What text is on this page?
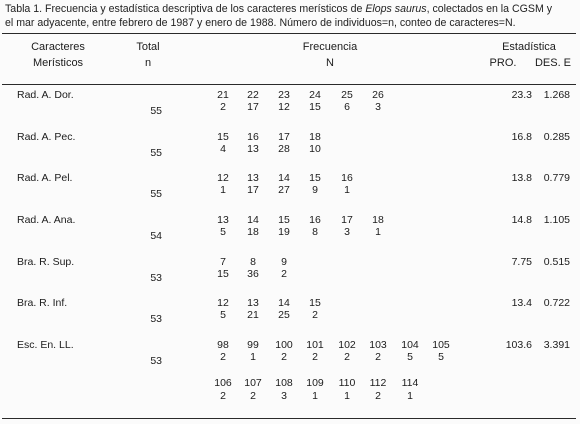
Tabla 1. Frecuencia y estadística descriptiva de los caracteres merísticos de Elops saurus, colectados en la CGSM y
el mar adyacente, entre febrero de 1987 y enero de 1988. Número de individuos=n, conteo de caracteres=N.
Caracteres
Merísticos
Total
n
Frecuencia
N
Estadística
PRO.	DES. E
Rad. A. Dor.
55
21	22	23	24	25	26
2	17	12	15	6	3
23.3	1.268
Rad. A. Pec.
55
15	16	17	18
4	13	28	10
16.8	0.285
Rad. A. Pel.
55
12	13	14	15	16
1	17	27	9	1
13.8	0.779
Rad. A. Ana.
54
13	14	15	16	17	18
5	18	19	8	3	1
14.8	1.105
Bra. R. Sup.
53
7	8	9
15	36	2
7.75	0.515
Bra. R. Inf.
53
12	13	14	15
5	21	25	2
13.4	0.722
Esc. En. LL.
53
98	99	100	101	102	103	104	105
2	1	2	2	2	2	5	5
103.6	3.391
106	107	108	109	110	112	114
2	2	3	1	1	2	1
